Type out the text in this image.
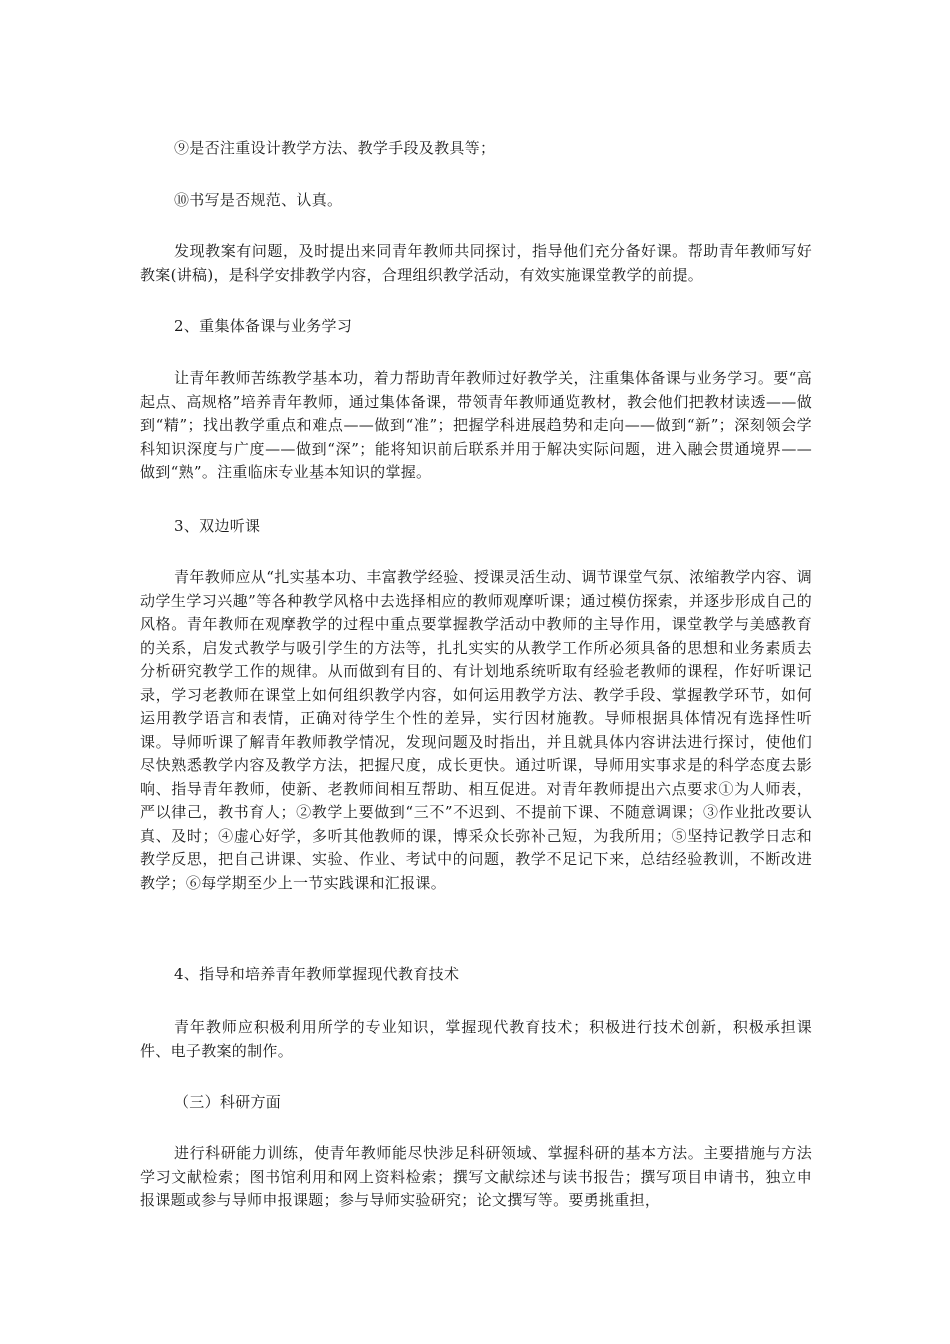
⑨是否注重设计教学方法、教学手段及教具等；

⑩书写是否规范、认真。

发现教案有问题，及时提出来同青年教师共同探讨，指导他们充分备好课。帮助青年教师写好教案(讲稿)，是科学安排教学内容，合理组织教学活动，有效实施课堂教学的前提。

2、重集体备课与业务学习

让青年教师苦练教学基本功，着力帮助青年教师过好教学关，注重集体备课与业务学习。要“高起点、高规格”培养青年教师，通过集体备课，带领青年教师通览教材，教会他们把教材读透——做到“精”；找出教学重点和难点——做到“准”；把握学科进展趋势和走向——做到“新”；深刻领会学科知识深度与广度——做到“深”；能将知识前后联系并用于解决实际问题，进入融会贯通境界——做到“熟”。注重临床专业基本知识的掌握。

3、双边听课

青年教师应从“扎实基本功、丰富教学经验、授课灵活生动、调节课堂气氛、浓缩教学内容、调动学生学习兴趣”等各种教学风格中去选择相应的教师观摩听课；通过模仿探索，并逐步形成自己的风格。青年教师在观摩教学的过程中重点要掌握教学活动中教师的主导作用，课堂教学与美感教育的关系，启发式教学与吸引学生的方法等，扎扎实实的从教学工作所必须具备的思想和业务素质去分析研究教学工作的规律。从而做到有目的、有计划地系统听取有经验老教师的课程，作好听课记录，学习老教师在课堂上如何组织教学内容，如何运用教学方法、教学手段、掌握教学环节，如何运用教学语言和表情，正确对待学生个性的差异，实行因材施教。导师根据具体情况有选择性听课。导师听课了解青年教师教学情况，发现问题及时指出，并且就具体内容讲法进行探讨，使他们尽快熟悉教学内容及教学方法，把握尺度，成长更快。通过听课，导师用实事求是的科学态度去影响、指导青年教师，使新、老教师间相互帮助、相互促进。对青年教师提出六点要求①为人师表，严以律己，教书育人；②教学上要做到“三不”不迟到、不提前下课、不随意调课；③作业批改要认真、及时；④虚心好学，多听其他教师的课，博采众长弥补己短，为我所用；⑤坚持记教学日志和教学反思，把自己讲课、实验、作业、考试中的问题，教学不足记下来，总结经验教训，不断改进教学；⑥每学期至少上一节实践课和汇报课。

4、指导和培养青年教师掌握现代教育技术

青年教师应积极利用所学的专业知识，掌握现代教育技术；积极进行技术创新，积极承担课件、电子教案的制作。

（三）科研方面

进行科研能力训练，使青年教师能尽快涉足科研领域、掌握科研的基本方法。主要措施与方法学习文献检索；图书馆利用和网上资料检索；撰写文献综述与读书报告；撰写项目申请书，独立申报课题或参与导师申报课题；参与导师实验研究；论文撰写等。要勇挑重担，
